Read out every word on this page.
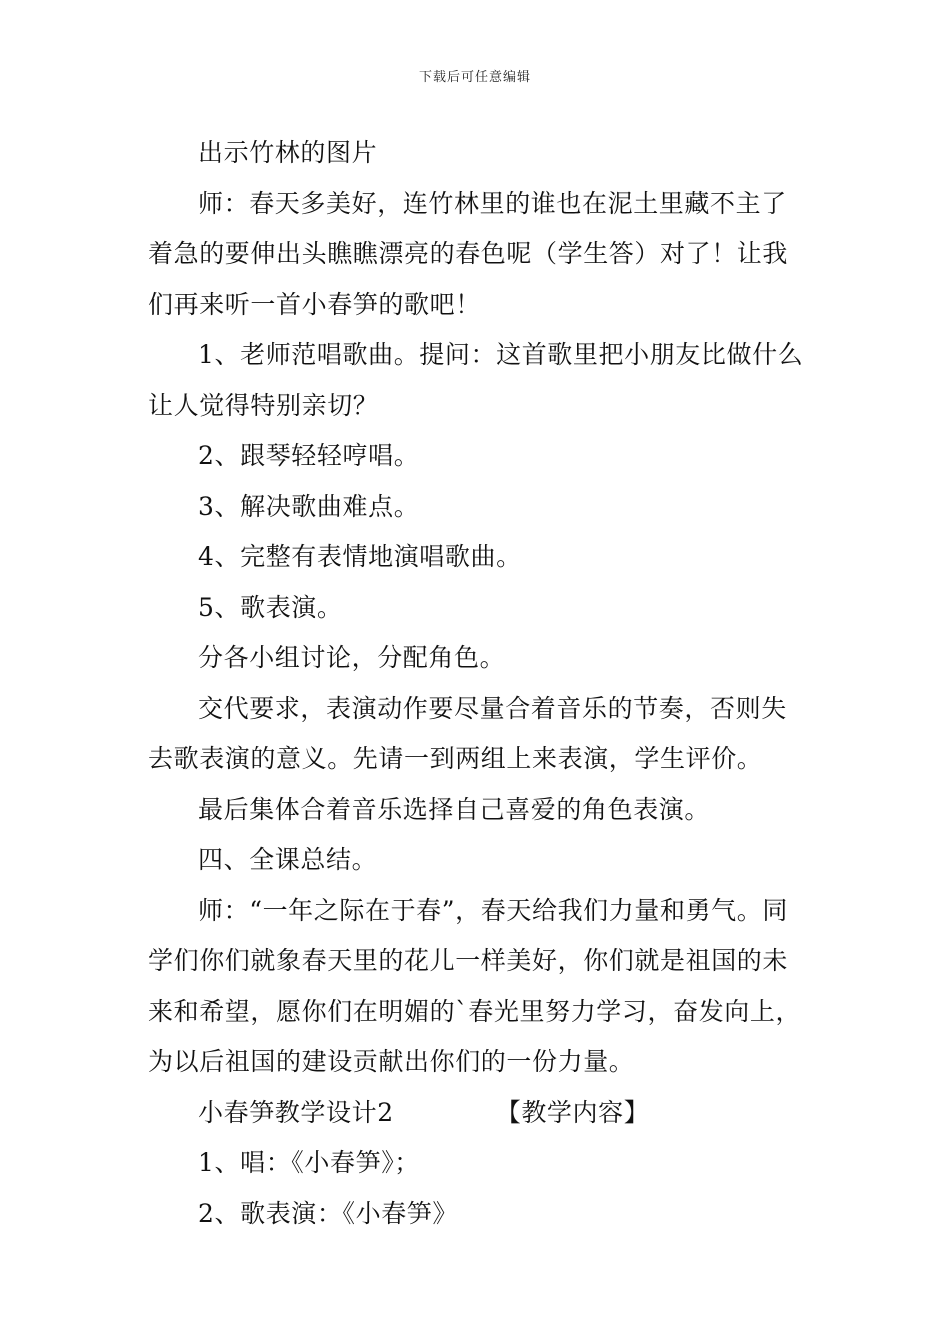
下载后可任意编辑

出示竹林的图片

师：春天多美好，连竹林里的谁也在泥土里藏不主了着急的要伸出头瞧瞧漂亮的春色呢（学生答）对了！让我们再来听一首小春笋的歌吧！

1、老师范唱歌曲。提问：这首歌里把小朋友比做什么让人觉得特别亲切？

2、跟琴轻轻哼唱。

3、解决歌曲难点。

4、完整有表情地演唱歌曲。

5、歌表演。

分各小组讨论，分配角色。

交代要求，表演动作要尽量合着音乐的节奏，否则失去歌表演的意义。先请一到两组上来表演，学生评价。

最后集体合着音乐选择自己喜爱的角色表演。

四、全课总结。

师：“一年之际在于春”，春天给我们力量和勇气。同学们你们就象春天里的花儿一样美好，你们就是祖国的未来和希望，愿你们在明媚的`春光里努力学习，奋发向上，为以后祖国的建设贡献出你们的一份力量。

小春笋教学设计2	【教学内容】

1、唱：《小春笋》；

2、歌表演：《小春笋》
